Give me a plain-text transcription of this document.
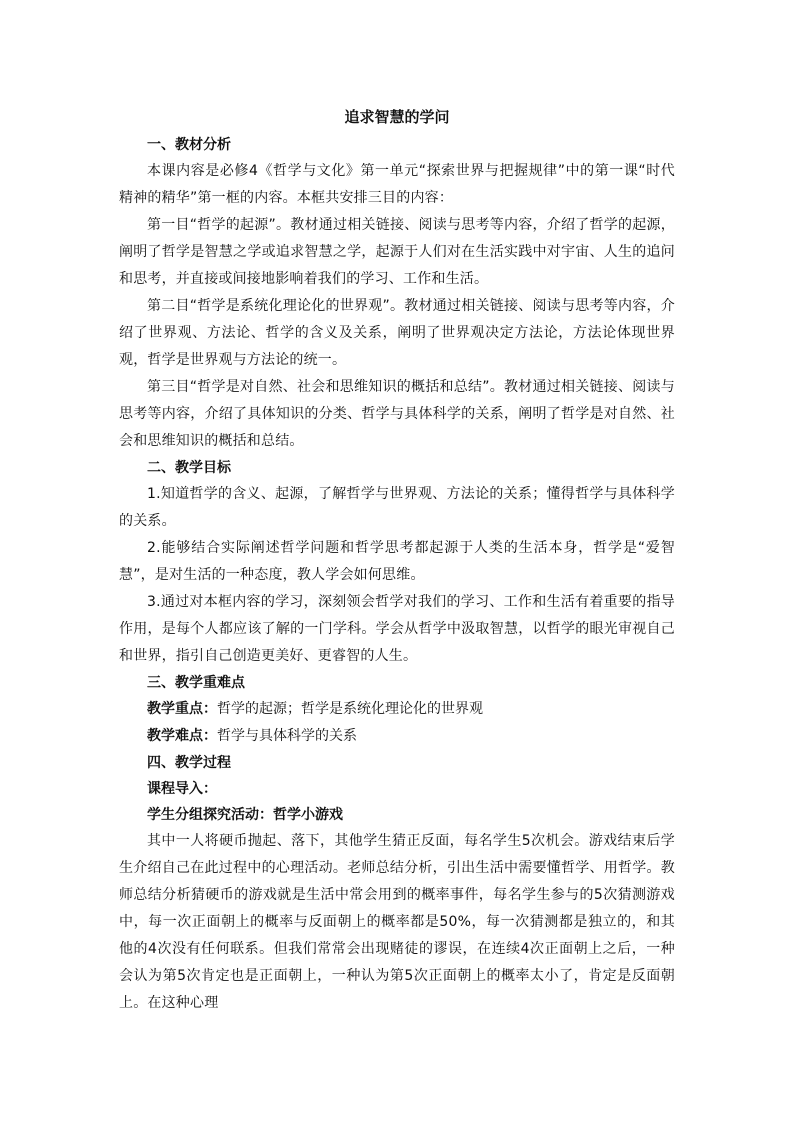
追求智慧的学问
一、教材分析
本课内容是必修4《哲学与文化》第一单元“探索世界与把握规律”中的第一课“时代精神的精华”第一框的内容。本框共安排三目的内容：
第一目“哲学的起源”。教材通过相关链接、阅读与思考等内容，介绍了哲学的起源，阐明了哲学是智慧之学或追求智慧之学，起源于人们对在生活实践中对宇宙、人生的追问和思考，并直接或间接地影响着我们的学习、工作和生活。
第二目“哲学是系统化理论化的世界观”。教材通过相关链接、阅读与思考等内容，介绍了世界观、方法论、哲学的含义及关系，阐明了世界观决定方法论，方法论体现世界观，哲学是世界观与方法论的统一。
第三目“哲学是对自然、社会和思维知识的概括和总结”。教材通过相关链接、阅读与思考等内容，介绍了具体知识的分类、哲学与具体科学的关系，阐明了哲学是对自然、社会和思维知识的概括和总结。
二、教学目标
1.知道哲学的含义、起源，了解哲学与世界观、方法论的关系；懂得哲学与具体科学的关系。
2.能够结合实际阐述哲学问题和哲学思考都起源于人类的生活本身，哲学是“爱智慧”，是对生活的一种态度，教人学会如何思维。
3.通过对本框内容的学习，深刻领会哲学对我们的学习、工作和生活有着重要的指导作用，是每个人都应该了解的一门学科。学会从哲学中汲取智慧，以哲学的眼光审视自己和世界，指引自己创造更美好、更睿智的人生。
三、教学重难点
教学重点：哲学的起源；哲学是系统化理论化的世界观
教学难点：哲学与具体科学的关系
四、教学过程
课程导入：
学生分组探究活动：哲学小游戏
其中一人将硬币抛起、落下，其他学生猜正反面，每名学生5次机会。游戏结束后学生介绍自己在此过程中的心理活动。老师总结分析，引出生活中需要懂哲学、用哲学。教师总结分析猜硬币的游戏就是生活中常会用到的概率事件，每名学生参与的5次猜测游戏中，每一次正面朝上的概率与反面朝上的概率都是50%，每一次猜测都是独立的，和其他的4次没有任何联系。但我们常常会出现赌徒的谬误，在连续4次正面朝上之后，一种会认为第5次肯定也是正面朝上，一种认为第5次正面朝上的概率太小了，肯定是反面朝上。在这种心理
